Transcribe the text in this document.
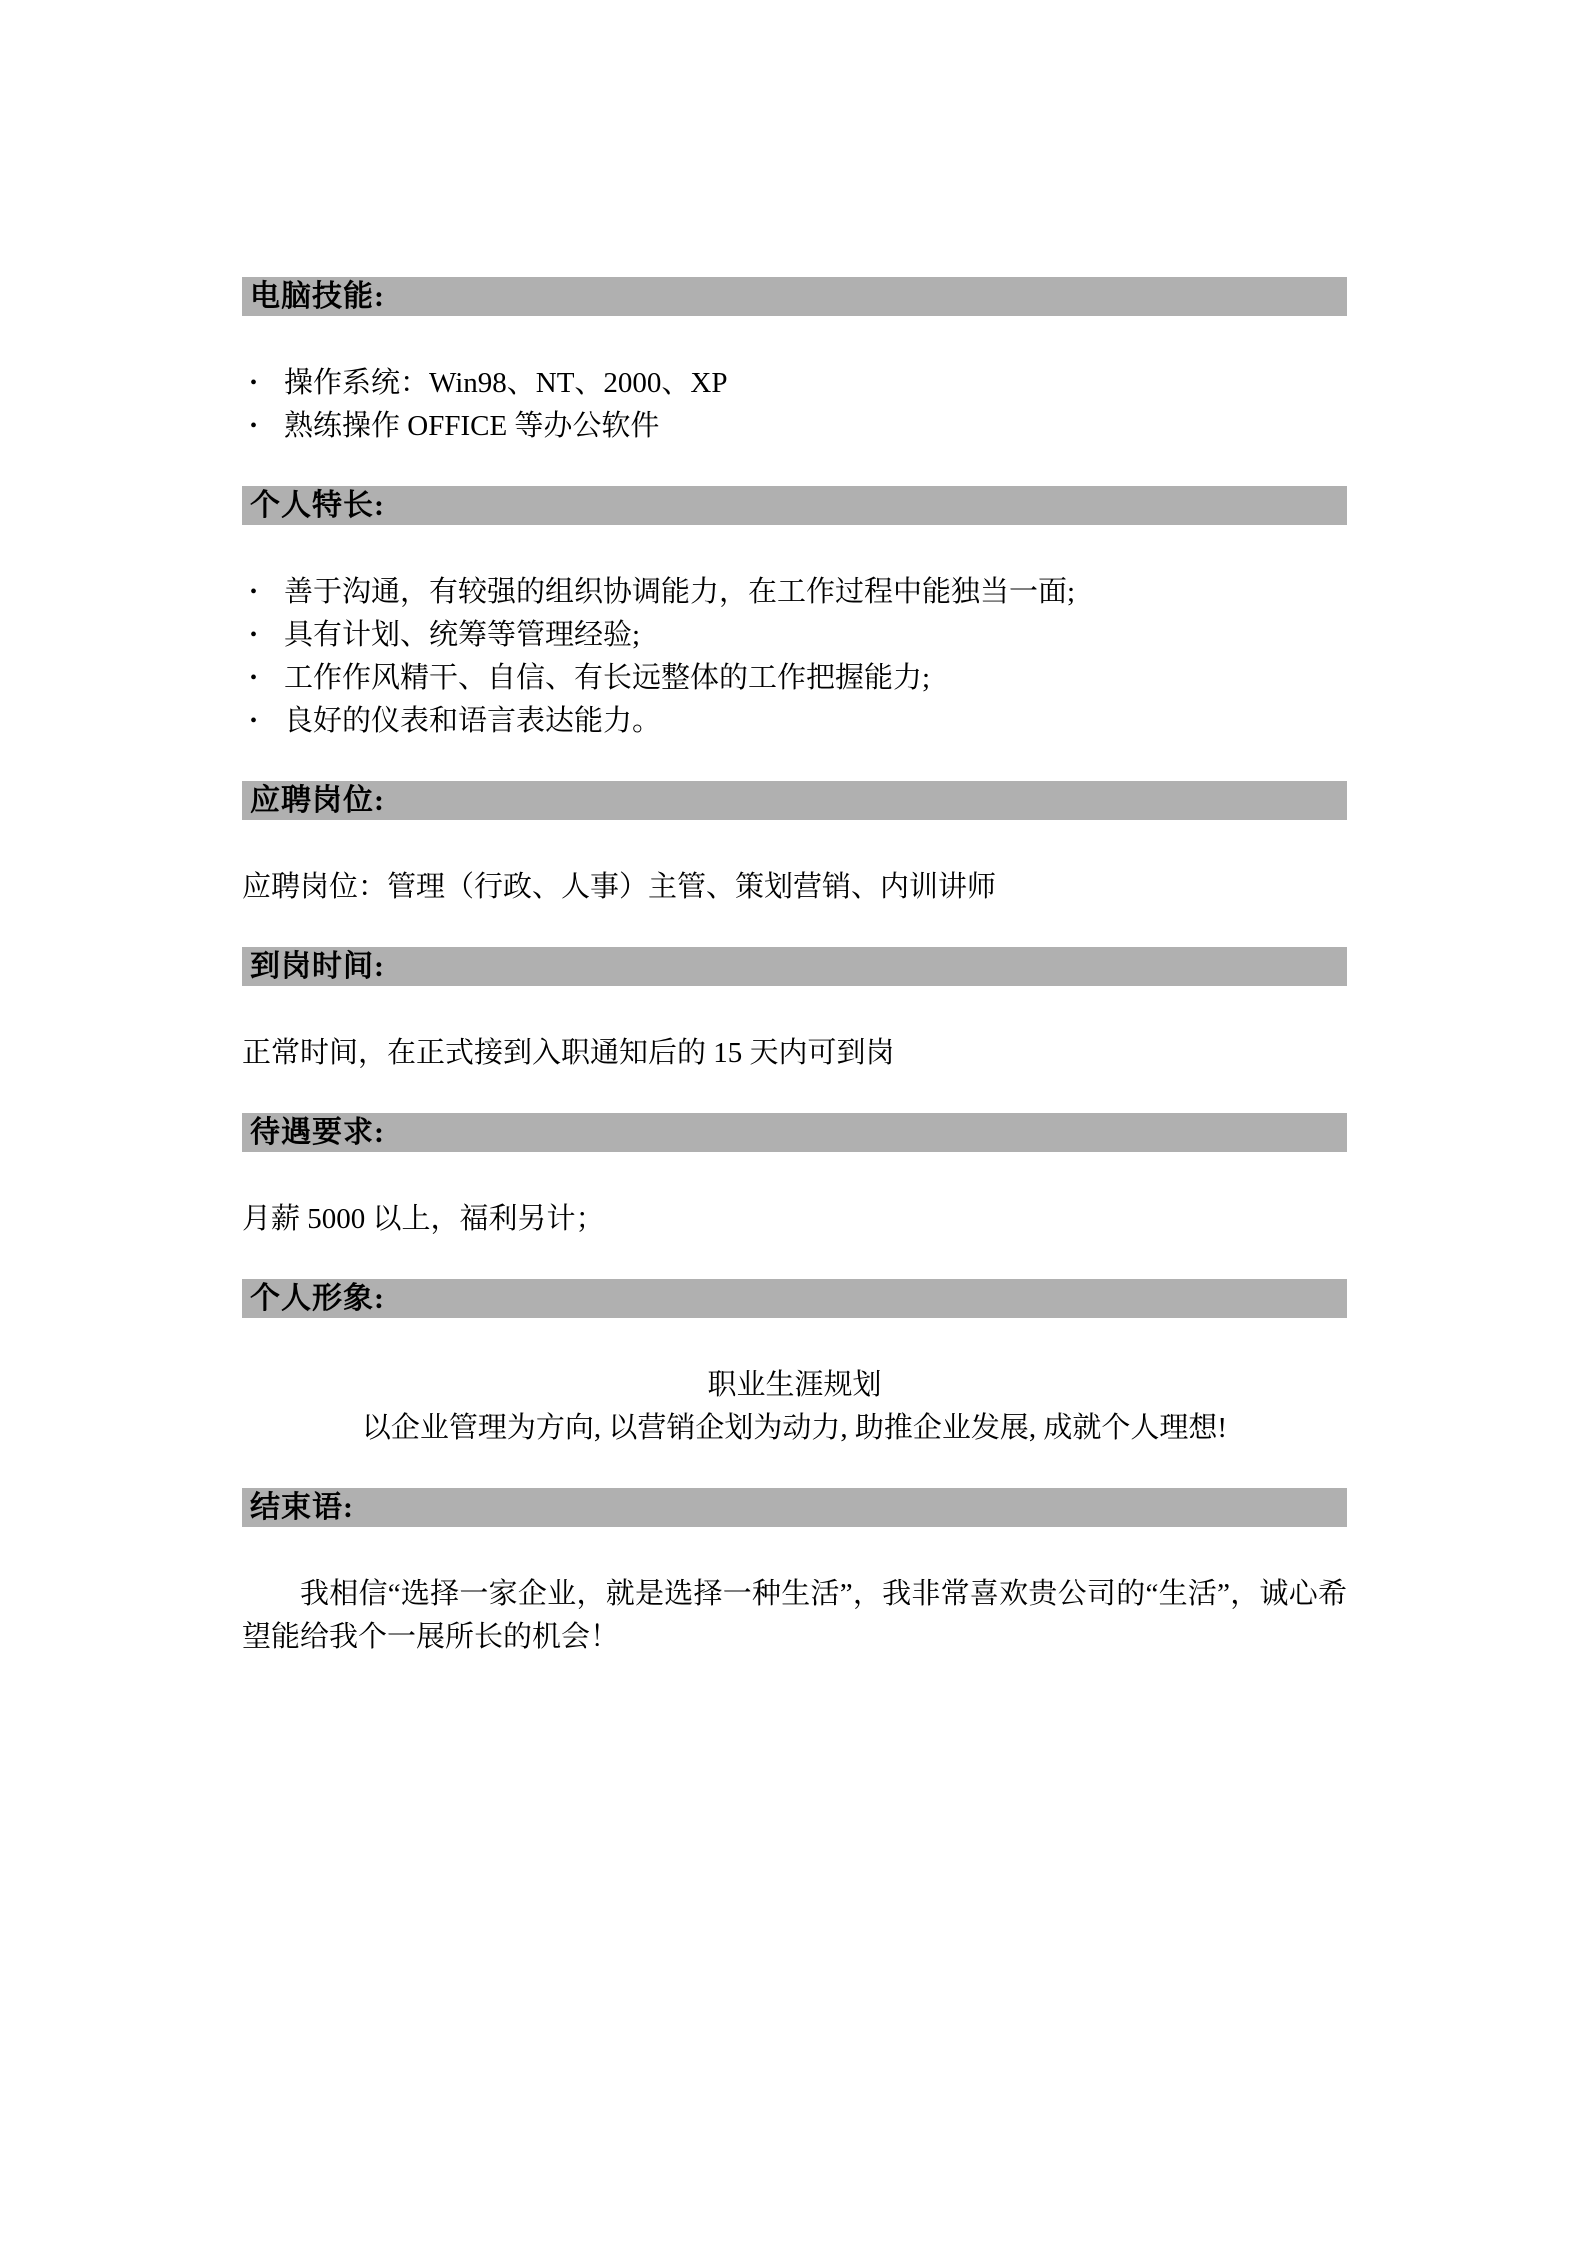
电脑技能:
• 操作系统：Win98、NT、2000、XP
• 熟练操作 OFFICE 等办公软件
个人特长:
• 善于沟通，有较强的组织协调能力，在工作过程中能独当一面;
• 具有计划、统筹等管理经验;
• 工作作风精干、自信、有长远整体的工作把握能力;
• 良好的仪表和语言表达能力。
应聘岗位:

应聘岗位：管理（行政、人事）主管、策划营销、内训讲师

到岗时间:

正常时间，在正式接到入职通知后的 15 天内可到岗

待遇要求:

月薪 5000 以上，福利另计；

个人形象:

职业生涯规划

以企业管理为方向, 以营销企划为动力, 助推企业发展, 成就个人理想!

结束语:

我相信“选择一家企业，就是选择一种生活”，我非常喜欢贵公司的“生活”，诚心希望能给我个一展所长的机会！
